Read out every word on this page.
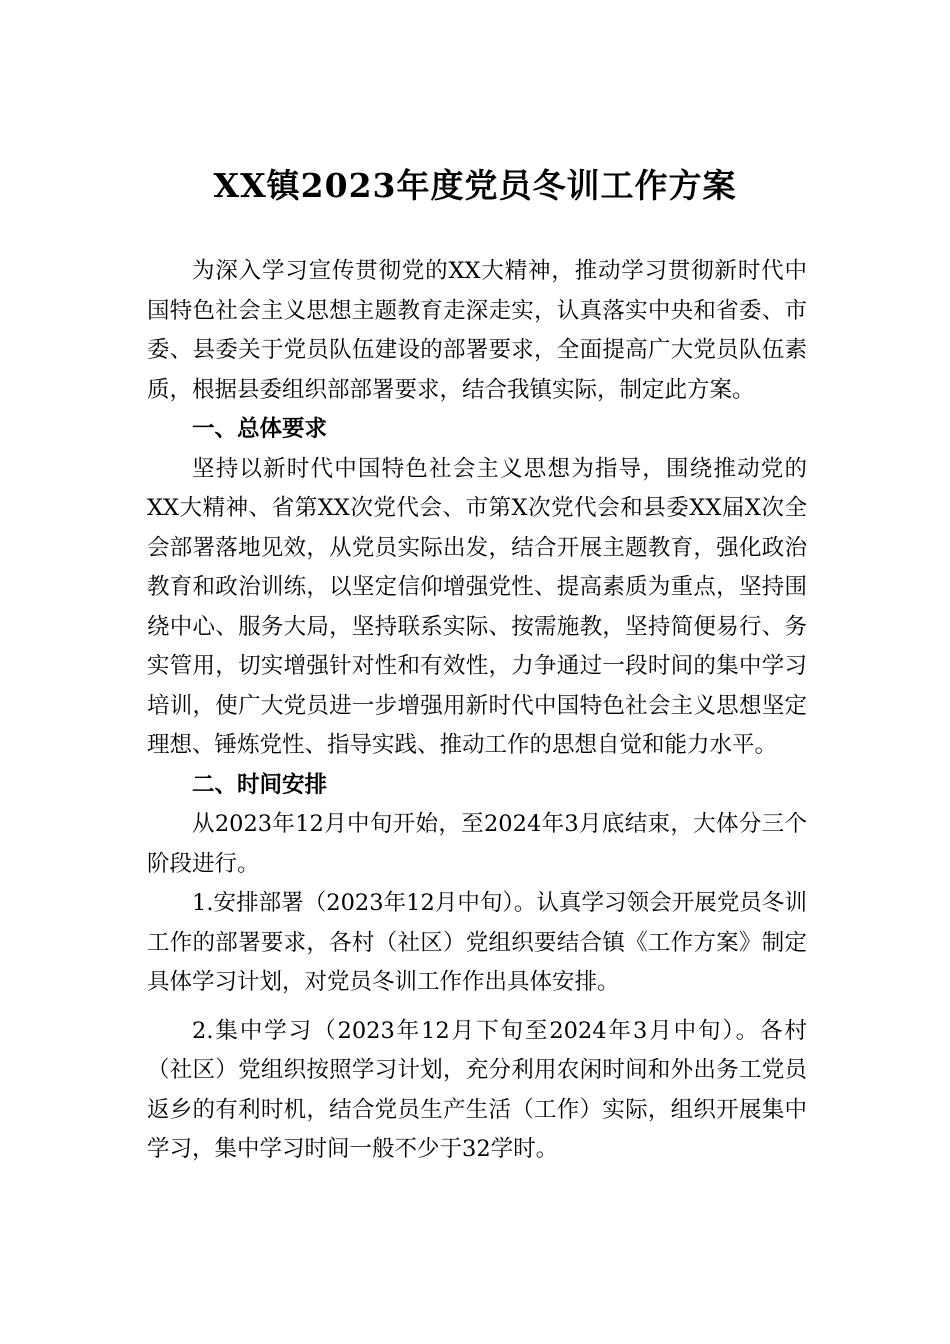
XX镇2023年度党员冬训工作方案

为深入学习宣传贯彻党的XX大精神，推动学习贯彻新时代中国特色社会主义思想主题教育走深走实，认真落实中央和省委、市委、县委关于党员队伍建设的部署要求，全面提高广大党员队伍素质，根据县委组织部部署要求，结合我镇实际，制定此方案。

一、总体要求

坚持以新时代中国特色社会主义思想为指导，围绕推动党的XX大精神、省第XX次党代会、市第X次党代会和县委XX届X次全会部署落地见效，从党员实际出发，结合开展主题教育，强化政治教育和政治训练，以坚定信仰增强党性、提高素质为重点，坚持围绕中心、服务大局，坚持联系实际、按需施教，坚持简便易行、务实管用，切实增强针对性和有效性，力争通过一段时间的集中学习培训，使广大党员进一步增强用新时代中国特色社会主义思想坚定理想、锤炼党性、指导实践、推动工作的思想自觉和能力水平。

二、时间安排

从2023年12月中旬开始，至2024年3月底结束，大体分三个阶段进行。

1.安排部署（2023年12月中旬）。认真学习领会开展党员冬训工作的部署要求，各村（社区）党组织要结合镇《工作方案》制定具体学习计划，对党员冬训工作作出具体安排。

2.集中学习（2023年12月下旬至2024年3月中旬）。各村（社区）党组织按照学习计划，充分利用农闲时间和外出务工党员返乡的有利时机，结合党员生产生活（工作）实际，组织开展集中学习，集中学习时间一般不少于32学时。
